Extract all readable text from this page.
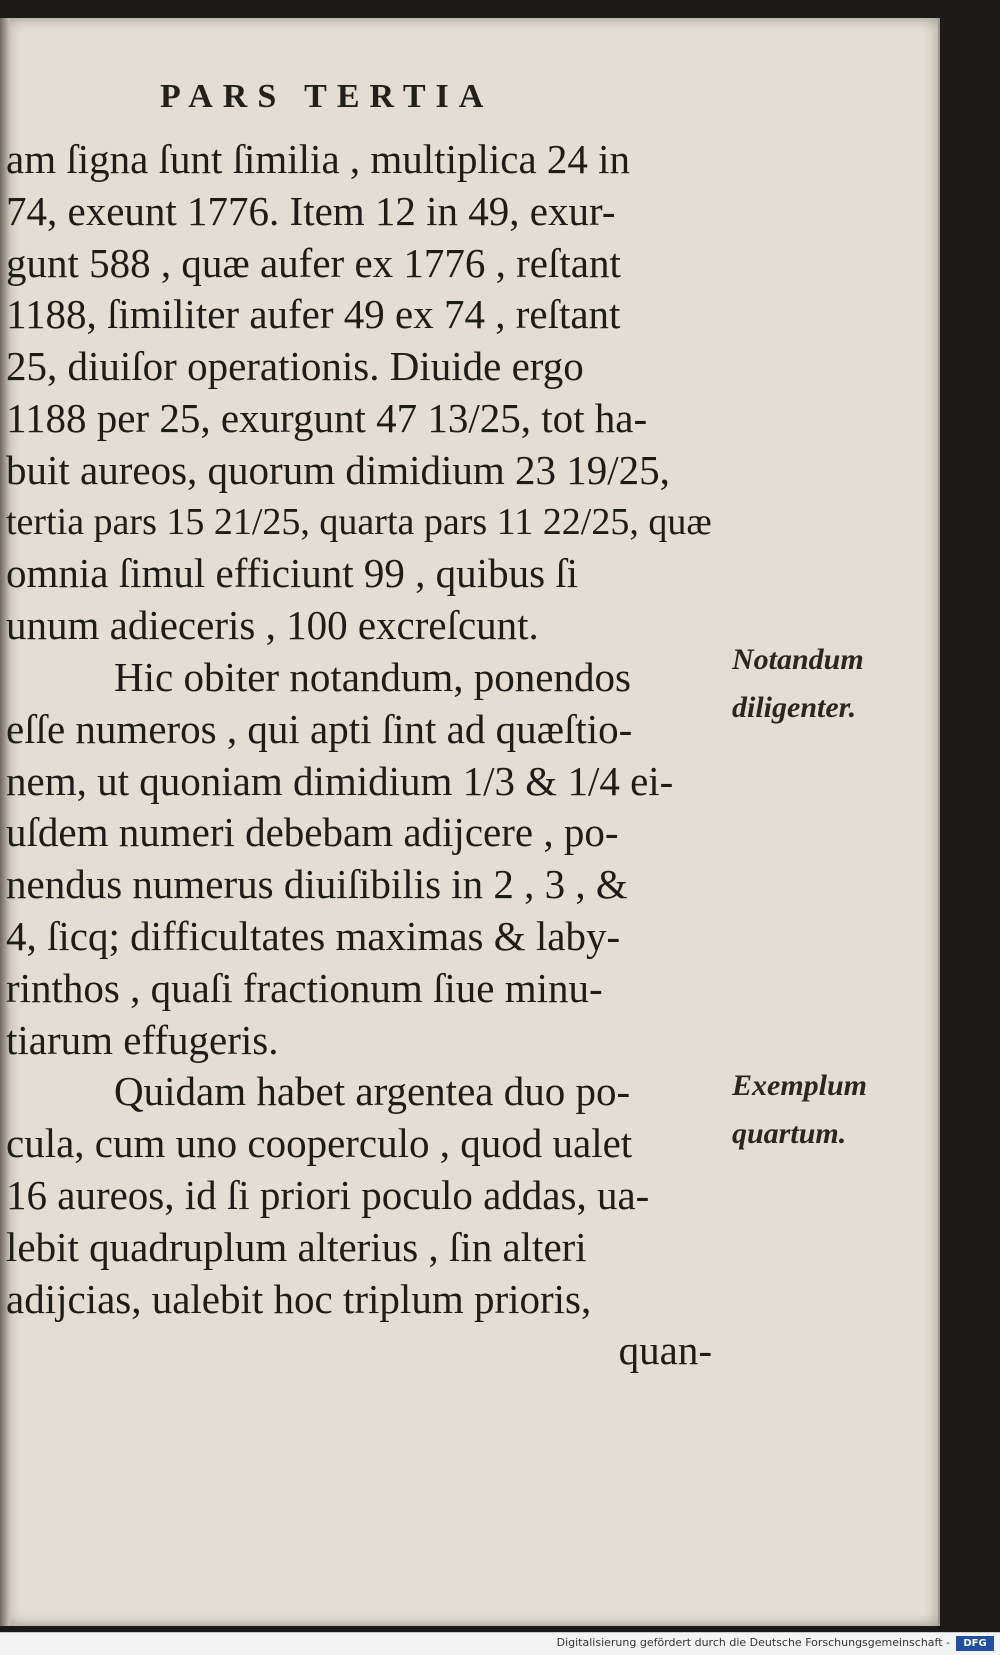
PARS TERTIA
am ſigna ſunt ſimilia , multiplica 24 in
74, exeunt 1776. Item 12 in 49, exur-
gunt 588 , quæ aufer ex 1776 , reſtant
1188, ſimiliter aufer 49 ex 74 , reſtant
25, diuiſor operationis. Diuide ergo
1188 per 25, exurgunt 47 13/25, tot ha-
buit aureos, quorum dimidium 23 19/25,
tertia pars 15 21/25, quarta pars 11 22/25, quæ
omnia ſimul efficiunt 99 , quibus ſi
unum adieceris , 100 excreſcunt.
Hic obiter notandum, ponendos
eſſe numeros , qui apti ſint ad quæſtio-
nem, ut quoniam dimidium 1/3 & 1/4 ei-
uſdem numeri debebam adijcere , po-
nendus numerus diuiſibilis in 2 , 3 , &
4, ſicq; difficultates maximas & laby-
rinthos , quaſi fractionum ſiue minu-
tiarum effugeris.
Quidam habet argentea duo po-
cula, cum uno cooperculo , quod ualet
16 aureos, id ſi priori poculo addas, ua-
lebit quadruplum alterius , ſin alteri
adijcias, ualebit hoc triplum prioris,
quan-
Notandum
diligenter.
Exemplum
quartum.
Digitalisierung gefördert durch die Deutsche Forschungsgemeinschaft -	DFG
